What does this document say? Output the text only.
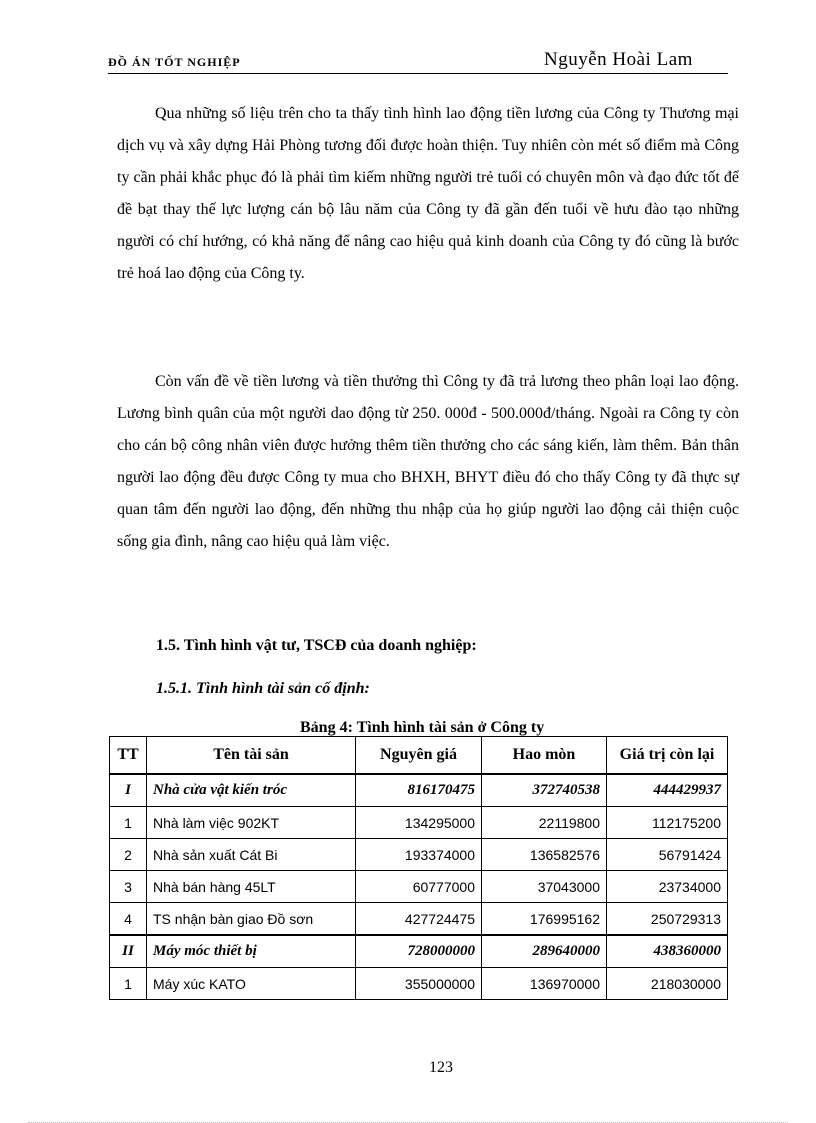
ĐỒ ÁN TỐT NGHIỆP	Nguyễn Hoài Lam

Qua những số liệu trên cho ta thấy tình hình lao động tiền lương của Công ty Thương mại dịch vụ và xây dựng Hải Phòng tương đối được hoàn thiện. Tuy nhiên còn mét số điểm mà Công ty cần phải khắc phục đó là phải tìm kiếm những người trẻ tuổi có chuyên môn và đạo đức tốt để đề bạt thay thế lực lượng cán bộ lâu năm của Công ty đã gần đến tuổi về hưu đào tạo những người có chí hướng, có khả năng để nâng cao hiệu quả kinh doanh của Công ty đó cũng là bước trẻ hoá lao động của Công ty.

Còn vấn đề về tiền lương và tiền thưởng thì Công ty đã trả lương theo phân loại lao động. Lương bình quân của một người dao động từ 250. 000đ - 500.000đ/tháng. Ngoài ra Công ty còn cho cán bộ công nhân viên được hưởng thêm tiền thưởng cho các sáng kiến, làm thêm. Bản thân người lao động đều được Công ty mua cho BHXH, BHYT điều đó cho thấy Công ty đã thực sự quan tâm đến người lao động, đến những thu nhập của họ giúp người lao động cải thiện cuộc sống gia đình, nâng cao hiệu quả làm việc.

1.5. Tình hình vật tư, TSCĐ của doanh nghiệp:
1.5.1. Tình hình tài sản cố định:
Bảng 4: Tình hình tài sản ở Công ty
TT	Tên tài sản	Nguyên giá	Hao mòn	Giá trị còn lại
I	Nhà cửa vật kiến tróc	816170475	372740538	444429937
1	Nhà làm việc 902KT	134295000	22119800	112175200
2	Nhà sản xuất Cát Bi	193374000	136582576	56791424
3	Nhà bán hàng 45LT	60777000	37043000	23734000
4	TS nhận bàn giao Đồ sơn	427724475	176995162	250729313
II	Máy móc thiết bị	728000000	289640000	438360000
1	Máy xúc KATO	355000000	136970000	218030000
123
